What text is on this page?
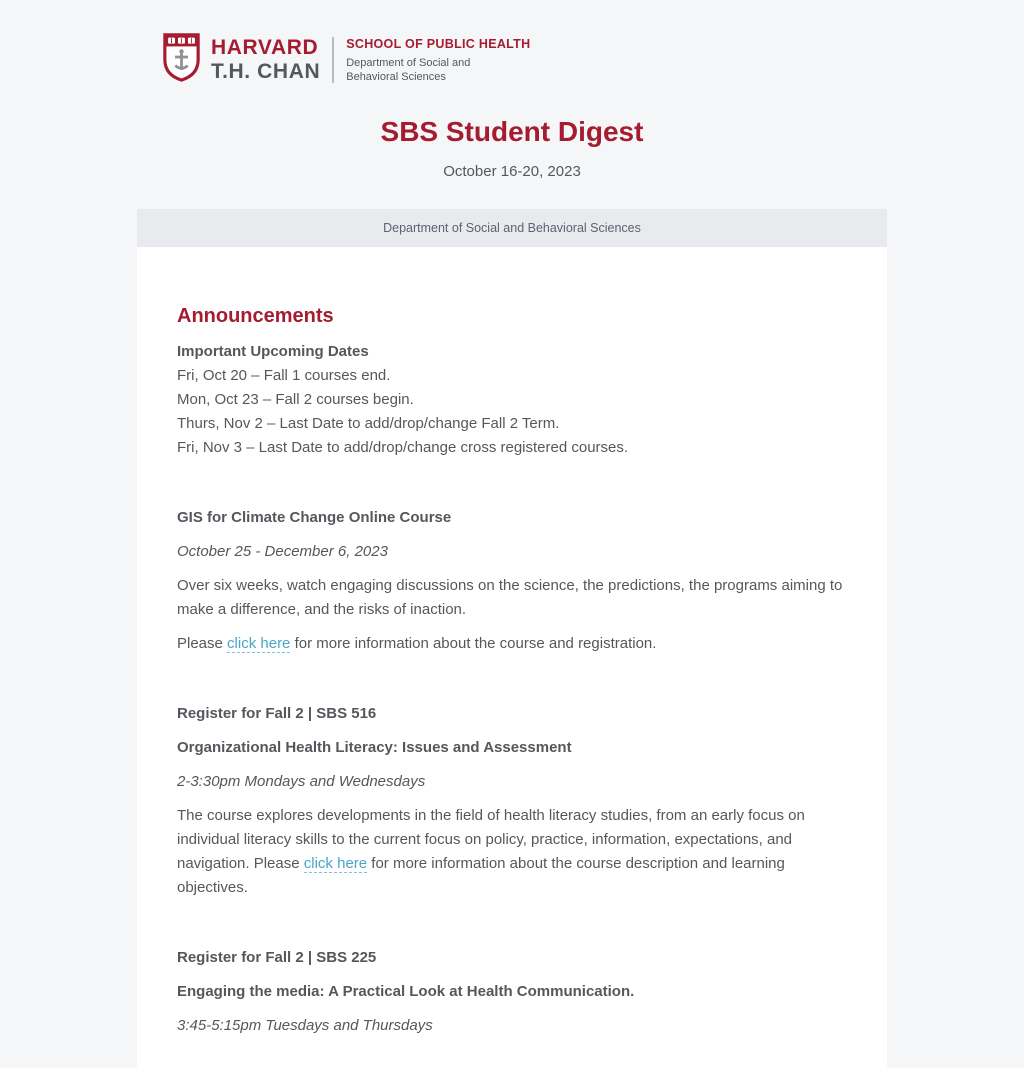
HARVARD
T.H. CHAN
SCHOOL OF PUBLIC HEALTH
Department of Social and
Behavioral Sciences
SBS Student Digest
October 16-20, 2023
Department of Social and Behavioral Sciences
Announcements
Important Upcoming Dates
Fri, Oct 20 – Fall 1 courses end.
Mon, Oct 23 – Fall 2 courses begin.
Thurs, Nov 2 – Last Date to add/drop/change Fall 2 Term.
Fri, Nov 3 – Last Date to add/drop/change cross registered courses.
GIS for Climate Change Online Course
October 25 - December 6, 2023

Over six weeks, watch engaging discussions on the science, the predictions, the programs aiming to make a difference, and the risks of inaction.

Please click here for more information about the course and registration.

Register for Fall 2 | SBS 516
Organizational Health Literacy: Issues and Assessment
2-3:30pm Mondays and Wednesdays

The course explores developments in the field of health literacy studies, from an early focus on individual literacy skills to the current focus on policy, practice, information, expectations, and navigation. Please click here for more information about the course description and learning objectives.

Register for Fall 2 | SBS 225
Engaging the media: A Practical Look at Health Communication.
3:45-5:15pm Tuesdays and Thursdays
